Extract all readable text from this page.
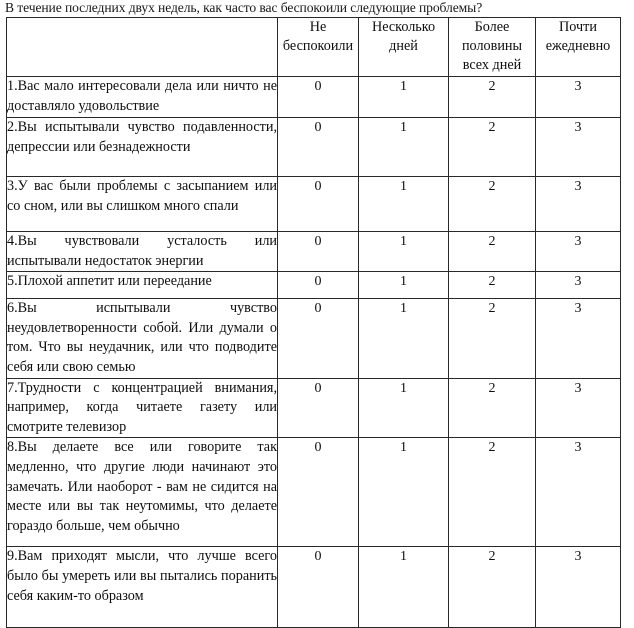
В течение последних двух недель, как часто вас беспокоили следующие проблемы?
	Не беспокоили	Несколько дней	Более половины всех дней	Почти ежедневно
1.Вас мало интересовали дела или ничто не доставляло удовольствие	0	1	2	3
2.Вы испытывали чувство подавленности, депрессии или безнадежности	0	1	2	3
3.У вас были проблемы с засыпанием или со сном, или вы слишком много спали	0	1	2	3
4.Вы чувствовали усталость или испытывали недостаток энергии	0	1	2	3
5.Плохой аппетит или переедание	0	1	2	3
6.Вы испытывали чувство неудовлетворенности собой. Или думали о том. Что вы неудачник, или что подводите себя или свою семью	0	1	2	3
7.Трудности с концентрацией внимания, например, когда читаете газету или смотрите телевизор	0	1	2	3
8.Вы делаете все или говорите так медленно, что другие люди начинают это замечать. Или наоборот - вам не сидится на месте или вы так неутомимы, что делаете гораздо больше, чем обычно	0	1	2	3
9.Вам приходят мысли, что лучше всего было бы умереть или вы пытались поранить себя каким-то образом	0	1	2	3
